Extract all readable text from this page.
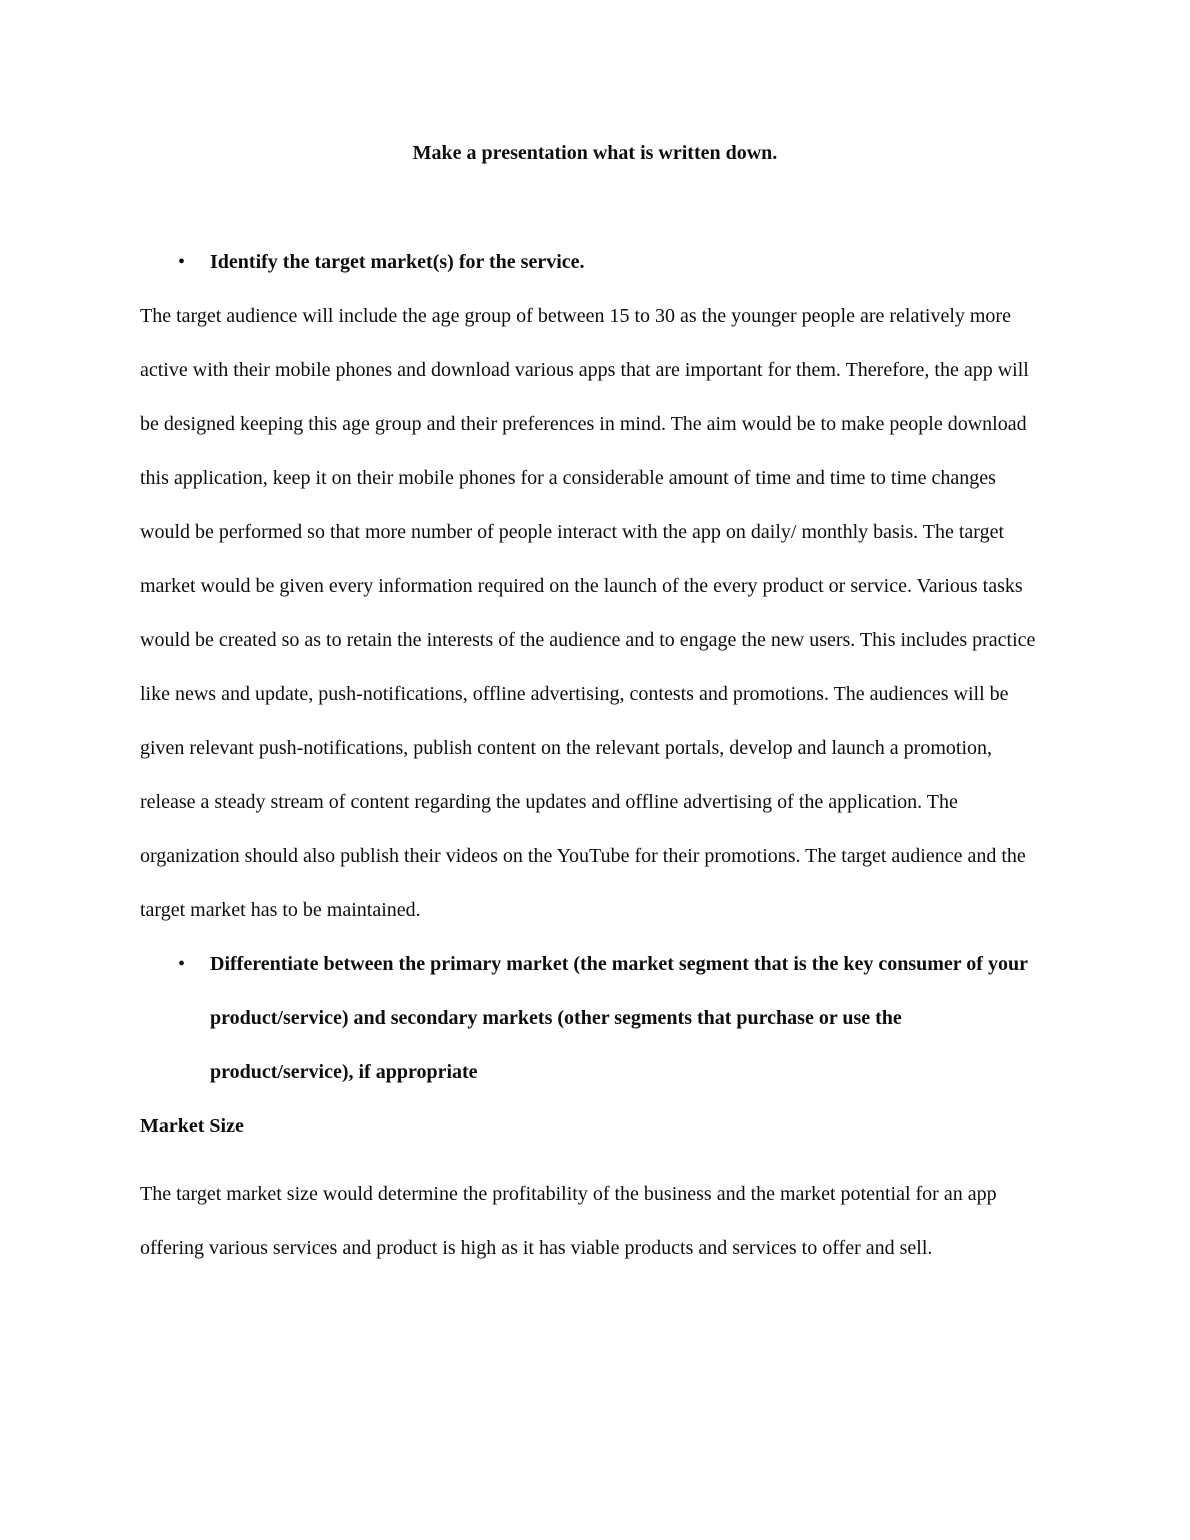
Make a presentation what is written down.

•	Identify the target market(s) for the service.

The target audience will include the age group of between 15 to 30 as the younger people are relatively more active with their mobile phones and download various apps that are important for them. Therefore, the app will be designed keeping this age group and their preferences in mind. The aim would be to make people download this application, keep it on their mobile phones for a considerable amount of time and time to time changes would be performed so that more number of people interact with the app on daily/ monthly basis. The target market would be given every information required on the launch of the every product or service. Various tasks would be created so as to retain the interests of the audience and to engage the new users. This includes practice like news and update, push-notifications, offline advertising, contests and promotions. The audiences will be given relevant push-notifications, publish content on the relevant portals, develop and launch a promotion, release a steady stream of content regarding the updates and offline advertising of the application. The organization should also publish their videos on the YouTube for their promotions. The target audience and the target market has to be maintained.

•	Differentiate between the primary market (the market segment that is the key consumer of your product/service) and secondary markets (other segments that purchase or use the product/service), if appropriate

Market Size

The target market size would determine the profitability of the business and the market potential for an app offering various services and product is high as it has viable products and services to offer and sell.
